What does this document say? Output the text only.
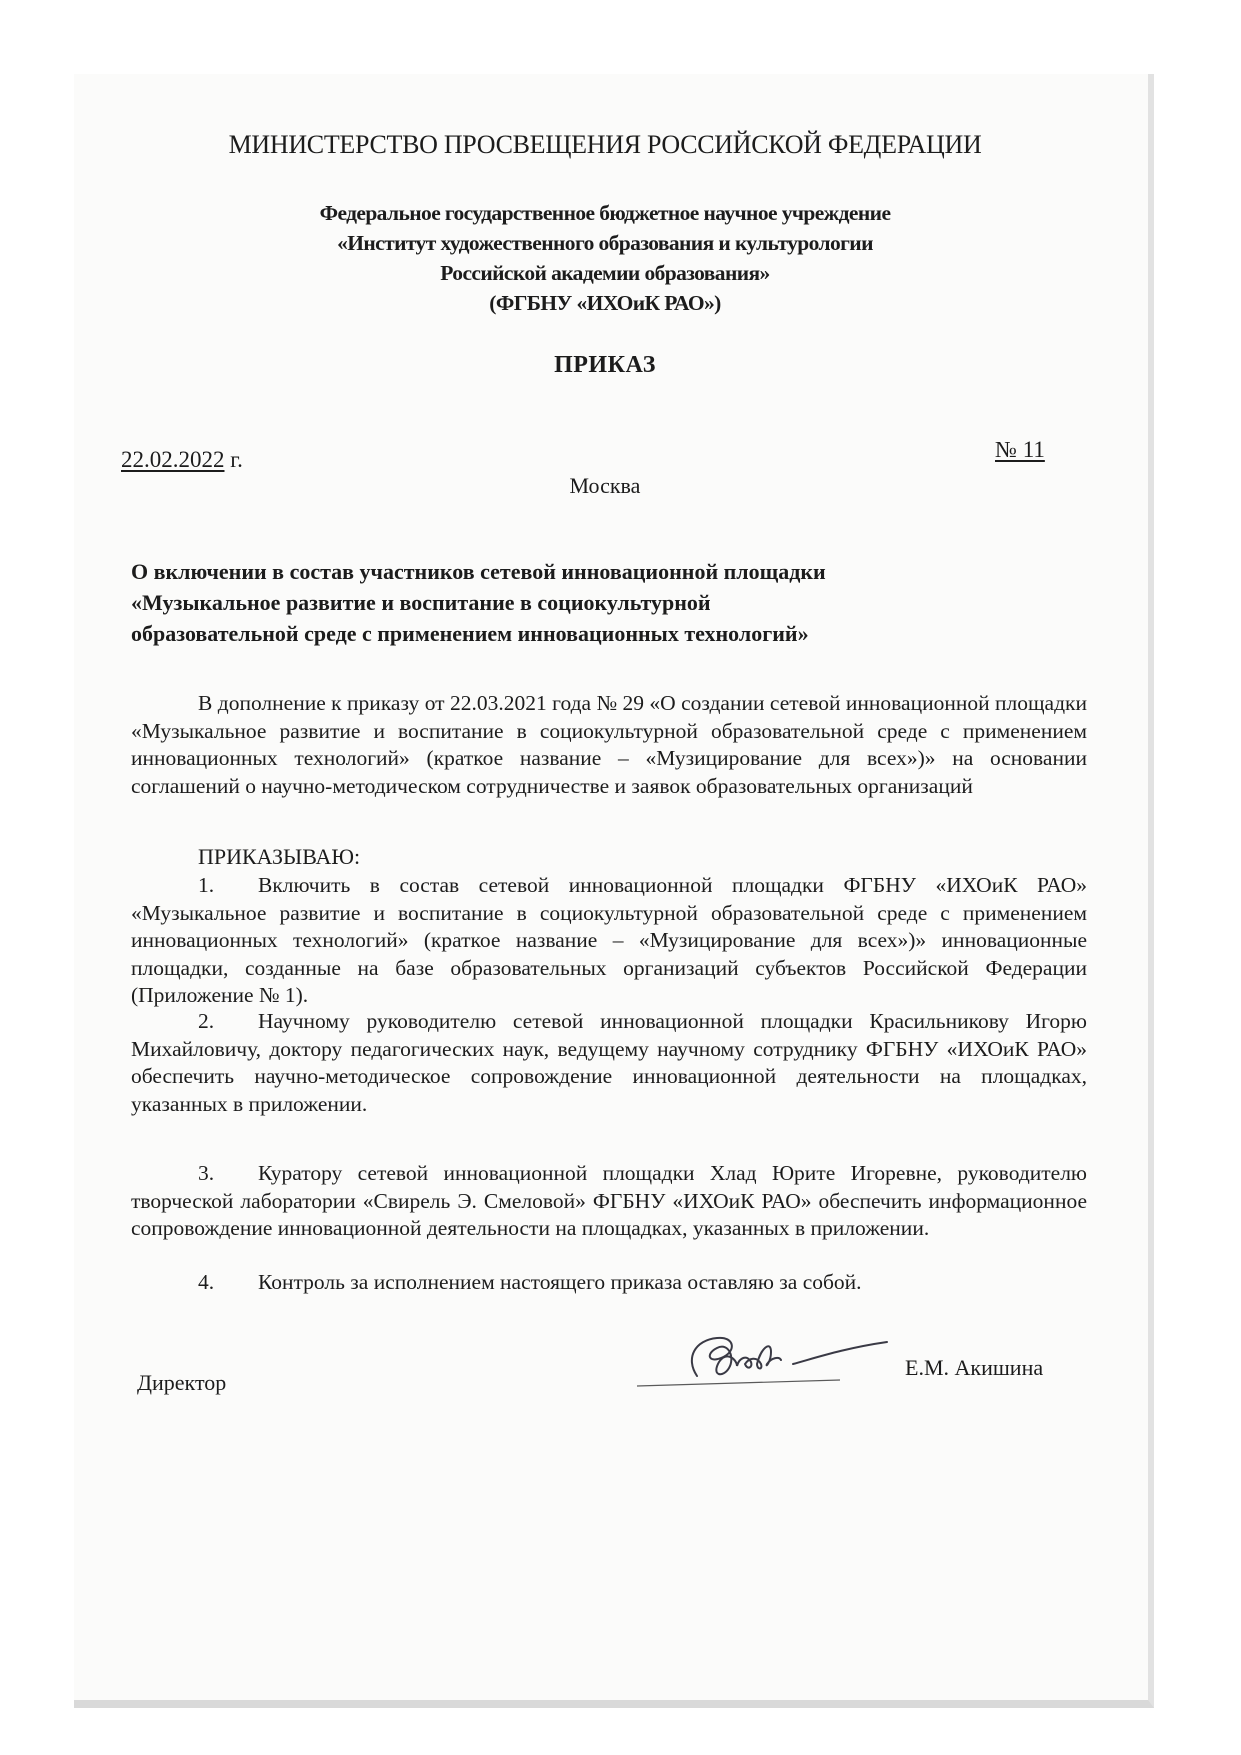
МИНИСТЕРСТВО ПРОСВЕЩЕНИЯ РОССИЙСКОЙ ФЕДЕРАЦИИ
Федеральное государственное бюджетное научное учреждение
«Институт художественного образования и культурологии
Российской академии образования»
(ФГБНУ «ИХОиК РАО»)
ПРИКАЗ
22.02.2022 г.	№ 11
Москва
О включении в состав участников сетевой инновационной площадки
«Музыкальное развитие и воспитание в социокультурной
образовательной среде с применением инновационных технологий»
В дополнение к приказу от 22.03.2021 года № 29 «О создании сетевой инновационной площадки «Музыкальное развитие и воспитание в социокультурной образовательной среде с применением инновационных технологий» (краткое название – «Музицирование для всех»)» на основании соглашений о научно-методическом сотрудничестве и заявок образовательных организаций
ПРИКАЗЫВАЮ:
1. Включить в состав сетевой инновационной площадки ФГБНУ «ИХОиК РАО» «Музыкальное развитие и воспитание в социокультурной образовательной среде с применением инновационных технологий» (краткое название – «Музицирование для всех»)» инновационные площадки, созданные на базе образовательных организаций субъектов Российской Федерации (Приложение № 1).
2. Научному руководителю сетевой инновационной площадки Красильникову Игорю Михайловичу, доктору педагогических наук, ведущему научному сотруднику ФГБНУ «ИХОиК РАО» обеспечить научно-методическое сопровождение инновационной деятельности на площадках, указанных в приложении.
3. Куратору сетевой инновационной площадки Хлад Юрите Игоревне, руководителю творческой лаборатории «Свирель Э. Смеловой» ФГБНУ «ИХОиК РАО» обеспечить информационное сопровождение инновационной деятельности на площадках, указанных в приложении.
4. Контроль за исполнением настоящего приказа оставляю за собой.
Директор
Е.М. Акишина
